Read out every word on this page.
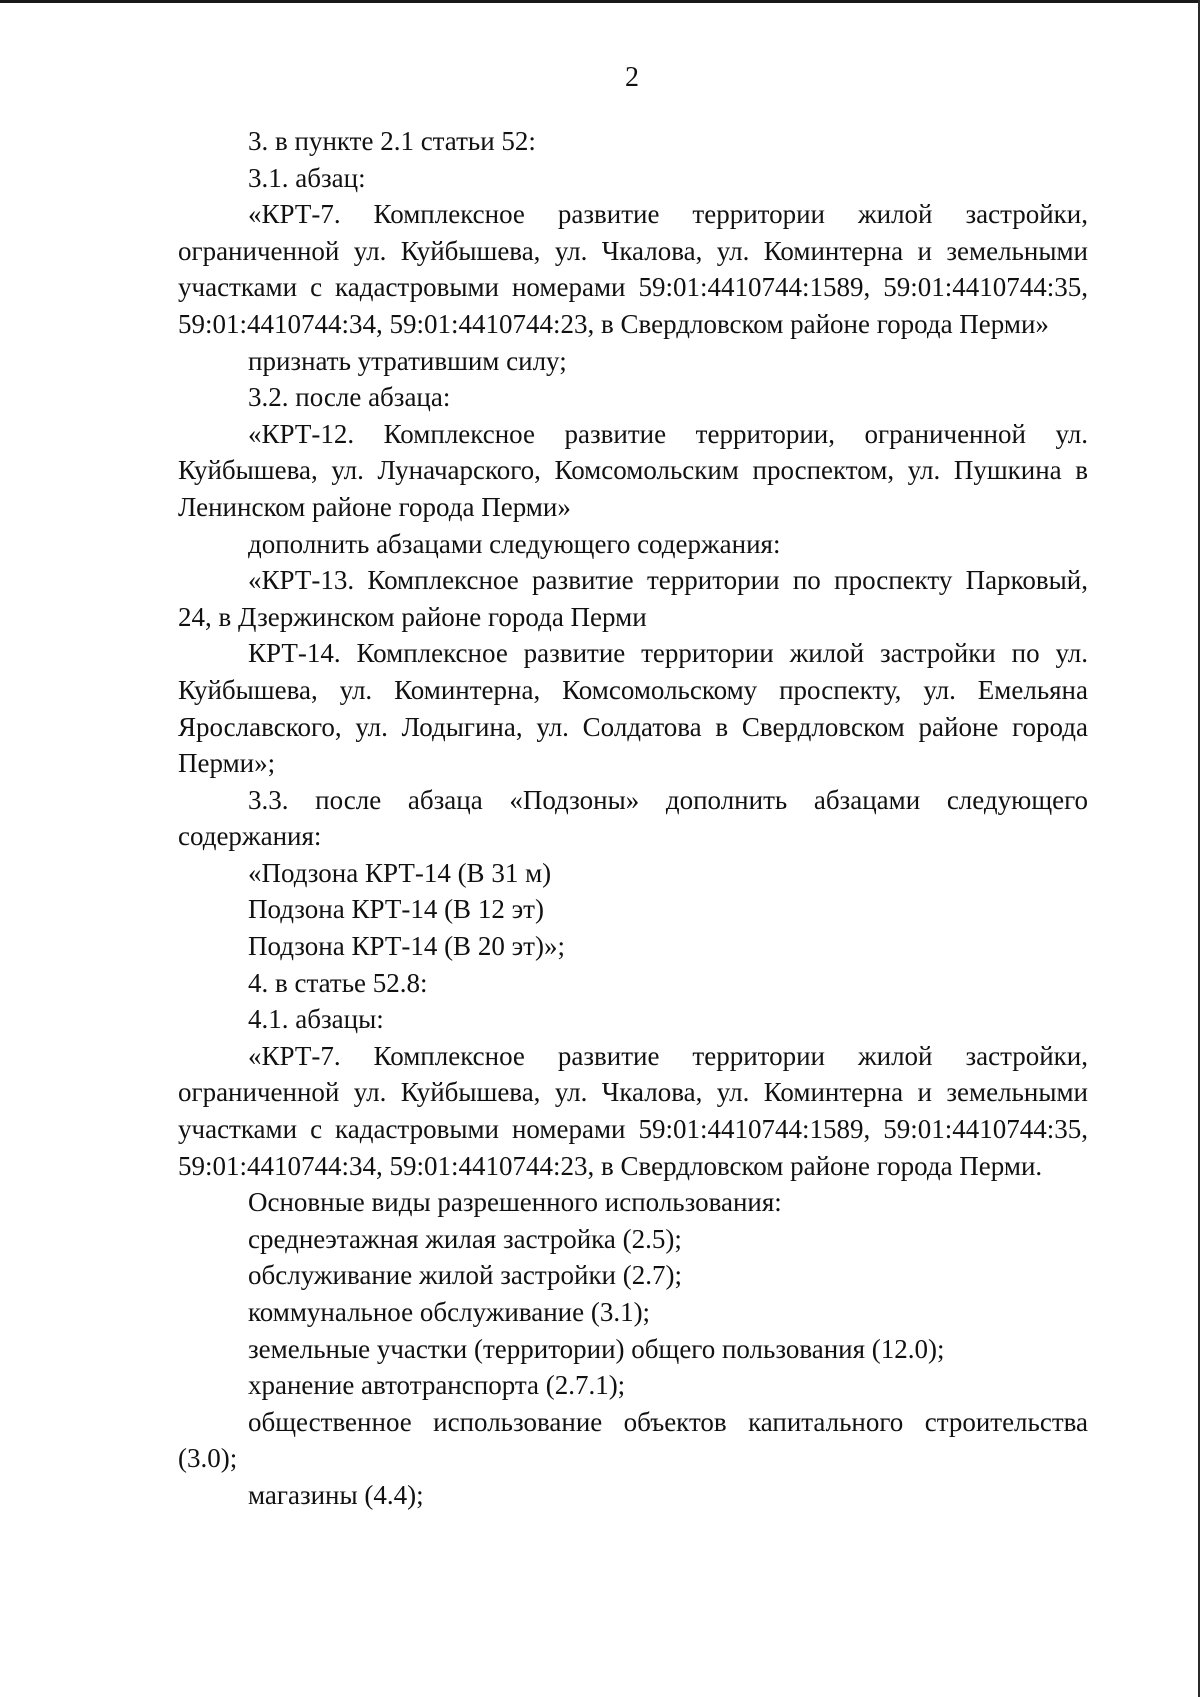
2

3. в пункте 2.1 статьи 52:

3.1. абзац:

«КРТ-7. Комплексное развитие территории жилой застройки, ограниченной ул. Куйбышева, ул. Чкалова, ул. Коминтерна и земельными участками с кадастровыми номерами 59:01:4410744:1589, 59:01:4410744:35, 59:01:4410744:34, 59:01:4410744:23, в Свердловском районе города Перми»

признать утратившим силу;

3.2. после абзаца:

«КРТ-12. Комплексное развитие территории, ограниченной ул. Куйбышева, ул. Луначарского, Комсомольским проспектом, ул. Пушкина в Ленинском районе города Перми»

дополнить абзацами следующего содержания:

«КРТ-13. Комплексное развитие территории по проспекту Парковый, 24, в Дзержинском районе города Перми

КРТ-14. Комплексное развитие территории жилой застройки по ул. Куйбышева, ул. Коминтерна, Комсомольскому проспекту, ул. Емельяна Ярославского, ул. Лодыгина, ул. Солдатова в Свердловском районе города Перми»;

3.3. после абзаца «Подзоны» дополнить абзацами следующего содержания:

«Подзона КРТ-14 (В 31 м)

Подзона КРТ-14 (В 12 эт)

Подзона КРТ-14 (В 20 эт)»;

4. в статье 52.8:

4.1. абзацы:

«КРТ-7. Комплексное развитие территории жилой застройки, ограниченной ул. Куйбышева, ул. Чкалова, ул. Коминтерна и земельными участками с кадастровыми номерами 59:01:4410744:1589, 59:01:4410744:35, 59:01:4410744:34, 59:01:4410744:23, в Свердловском районе города Перми.

Основные виды разрешенного использования:

среднеэтажная жилая застройка (2.5);

обслуживание жилой застройки (2.7);

коммунальное обслуживание (3.1);

земельные участки (территории) общего пользования (12.0);

хранение автотранспорта (2.7.1);

общественное использование объектов капитального строительства (3.0);

магазины (4.4);
